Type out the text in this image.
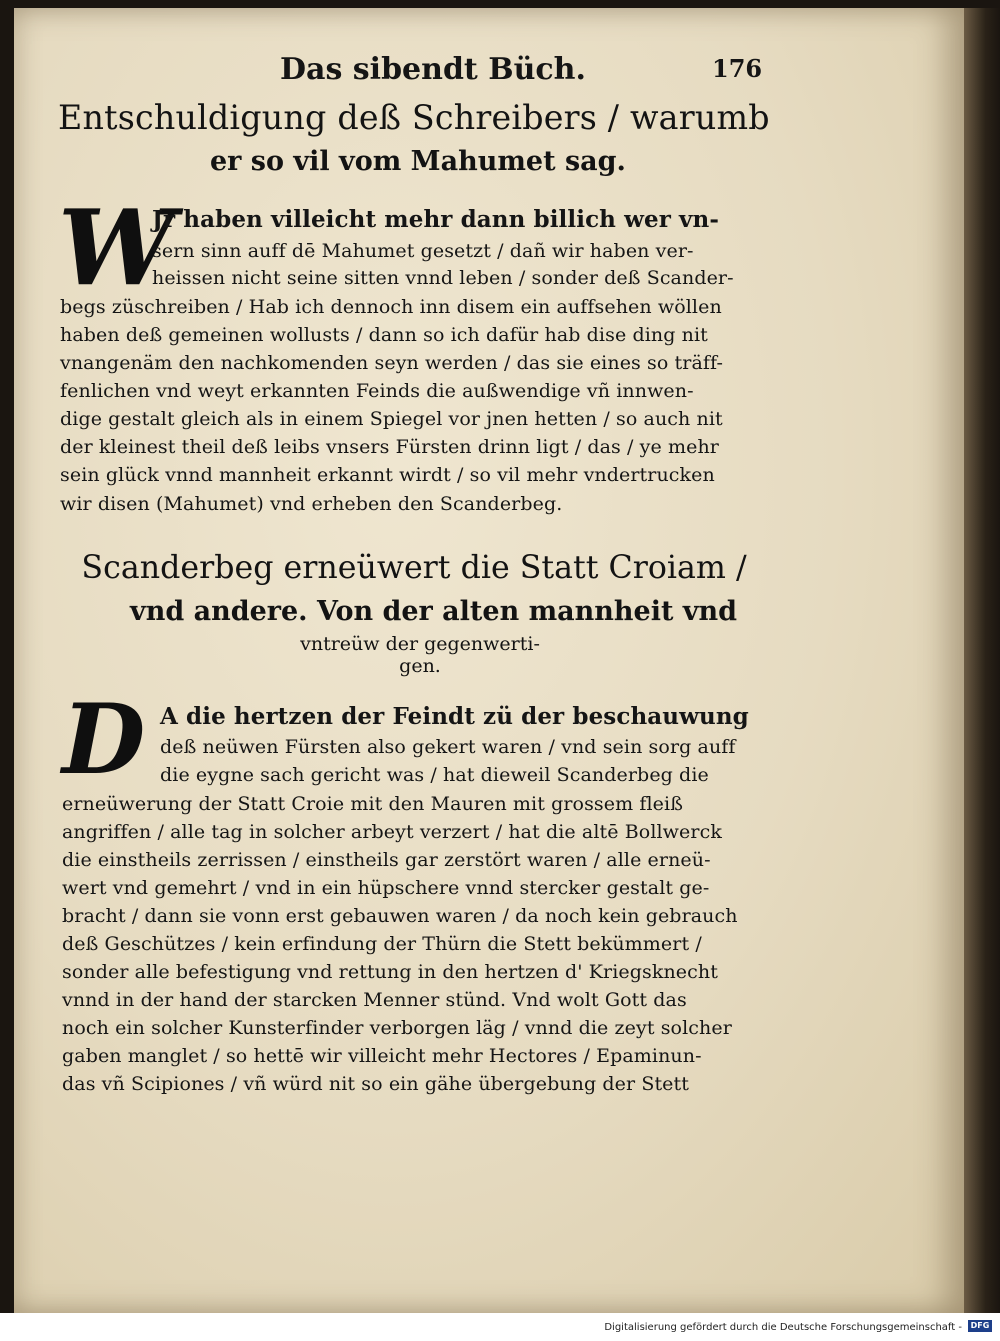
Das sibendt Büch.	176
Entschuldigung deß Schreibers / warumb
er so vil vom Mahumet sag.
W
Jr haben villeicht mehr dann billich wer vn-
sern sinn auff dē Mahumet gesetzt / dañ wir haben ver-
heissen nicht seine sitten vnnd leben / sonder deß Scander-
begs züschreiben / Hab ich dennoch inn disem ein auffsehen wöllen
haben deß gemeinen wollusts / dann so ich dafür hab dise ding nit
vnangenäm den nachkomenden seyn werden / das sie eines so träff-
fenlichen vnd weyt erkannten Feinds die außwendige vñ innwen-
dige gestalt gleich als in einem Spiegel vor jnen hetten / so auch nit
der kleinest theil deß leibs vnsers Fürsten drinn ligt / das / ye mehr
sein glück vnnd mannheit erkannt wirdt / so vil mehr vndertrucken
wir disen (Mahumet) vnd erheben den Scanderbeg.
Scanderbeg erneüwert die Statt Croiam /
vnd andere. Von der alten mannheit vnd
vntreüw der gegenwerti-
gen.
D A die hertzen der Feindt zü der beschauwung
deß neüwen Fürsten also gekert waren / vnd sein sorg auff
die eygne sach gericht was / hat dieweil Scanderbeg die
erneüwerung der Statt Croie mit den Mauren mit grossem fleiß
angriffen / alle tag in solcher arbeyt verzert / hat die altē Bollwerck
die einstheils zerrissen / einstheils gar zerstört waren / alle erneü-
wert vnd gemehrt / vnd in ein hüpschere vnnd stercker gestalt ge-
bracht / dann sie vonn erst gebauwen waren / da noch kein gebrauch
deß Geschützes / kein erfindung der Thürn die Stett bekümmert /
sonder alle befestigung vnd rettung in den hertzen d' Kriegsknecht
vnnd in der hand der starcken Menner stünd. Vnd wolt Gott das
noch ein solcher Kunsterfinder verborgen läg / vnnd die zeyt solcher
gaben manglet / so hettē wir villeicht mehr Hectores / Epaminun-
das vñ Scipiones / vñ würd nit so ein gähe übergebung der Stett
Digitalisierung gefördert durch die Deutsche Forschungsgemeinschaft -	DFG
